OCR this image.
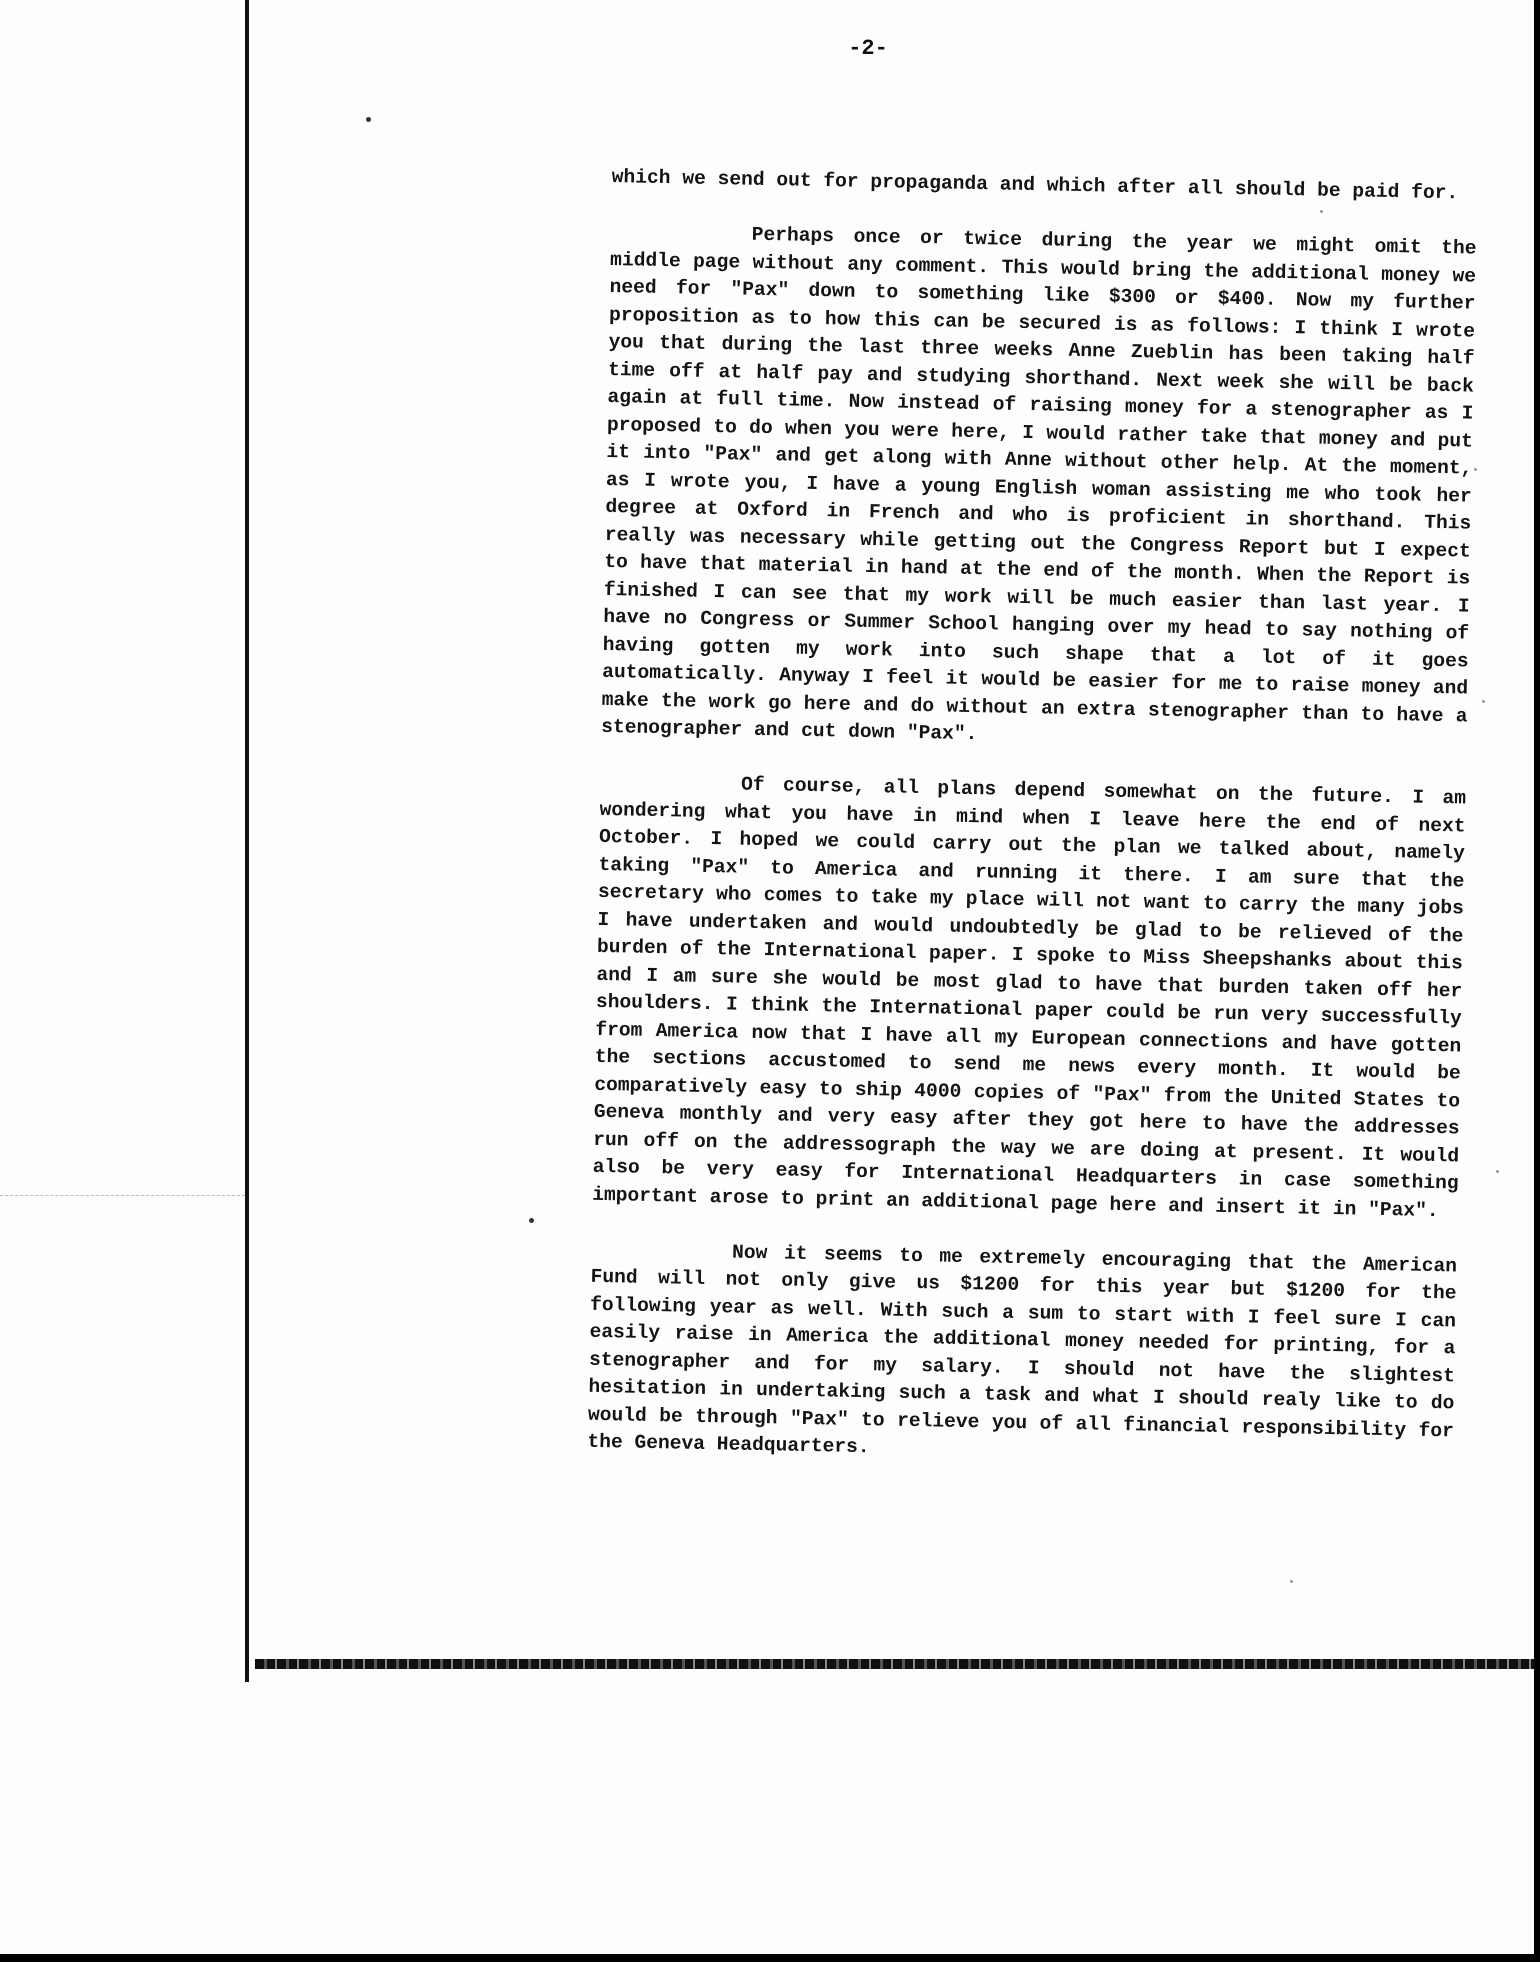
-2-

which we send out for propaganda and which after all should be paid for.

Perhaps once or twice during the year we might omit the middle page without any comment. This would bring the additional money we need for "Pax" down to something like $300 or $400. Now my further proposition as to how this can be secured is as follows: I think I wrote you that during the last three weeks Anne Zueblin has been taking half time off at half pay and studying shorthand. Next week she will be back again at full time. Now instead of raising money for a stenographer as I proposed to do when you were here, I would rather take that money and put it into "Pax" and get along with Anne without other help. At the moment, as I wrote you, I have a young English woman assisting me who took her degree at Oxford in French and who is proficient in shorthand. This really was necessary while getting out the Congress Report but I expect to have that material in hand at the end of the month. When the Report is finished I can see that my work will be much easier than last year. I have no Congress or Summer School hanging over my head to say nothing of having gotten my work into such shape that a lot of it goes automatically. Anyway I feel it would be easier for me to raise money and make the work go here and do without an extra stenographer than to have a stenographer and cut down "Pax".

Of course, all plans depend somewhat on the future. I am wondering what you have in mind when I leave here the end of next October. I hoped we could carry out the plan we talked about, namely taking "Pax" to America and running it there. I am sure that the secretary who comes to take my place will not want to carry the many jobs I have undertaken and would undoubtedly be glad to be relieved of the burden of the International paper. I spoke to Miss Sheepshanks about this and I am sure she would be most glad to have that burden taken off her shoulders. I think the International paper could be run very successfully from America now that I have all my European connections and have gotten the sections accustomed to send me news every month. It would be comparatively easy to ship 4000 copies of "Pax" from the United States to Geneva monthly and very easy after they got here to have the addresses run off on the addressograph the way we are doing at present. It would also be very easy for International Headquarters in case something important arose to print an additional page here and insert it in "Pax".

Now it seems to me extremely encouraging that the American Fund will not only give us $1200 for this year but $1200 for the following year as well. With such a sum to start with I feel sure I can easily raise in America the additional money needed for printing, for a stenographer and for my salary. I should not have the slightest hesitation in undertaking such a task and what I should realy like to do would be through "Pax" to relieve you of all financial responsibility for the Geneva Headquarters.
